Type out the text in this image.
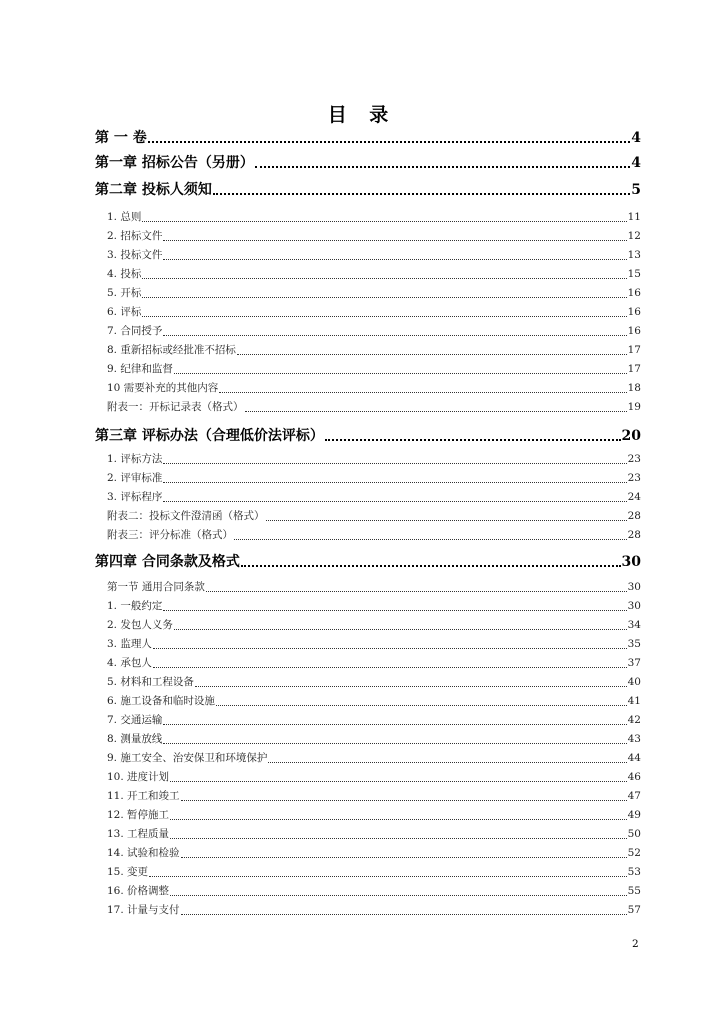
目 录
第 一 卷	4
第一章 招标公告（另册）	4
第二章 投标人须知	5
1. 总则	11
2. 招标文件	12
3. 投标文件	13
4. 投标	15
5. 开标	16
6. 评标	16
7. 合同授予	16
8. 重新招标或经批准不招标	17
9. 纪律和监督	17
10 需要补充的其他内容	18
附表一：开标记录表（格式）	19
第三章 评标办法（合理低价法评标）	20
1. 评标方法	23
2. 评审标准	23
3. 评标程序	24
附表二：投标文件澄清函（格式）	28
附表三：评分标准（格式）	28
第四章 合同条款及格式	30
第一节 通用合同条款	30
1. 一般约定	30
2. 发包人义务	34
3. 监理人	35
4. 承包人	37
5. 材料和工程设备	40
6. 施工设备和临时设施	41
7. 交通运输	42
8. 测量放线	43
9. 施工安全、治安保卫和环境保护	44
10. 进度计划	46
11. 开工和竣工	47
12. 暂停施工	49
13. 工程质量	50
14. 试验和检验	52
15. 变更	53
16. 价格调整	55
17. 计量与支付	57
2
